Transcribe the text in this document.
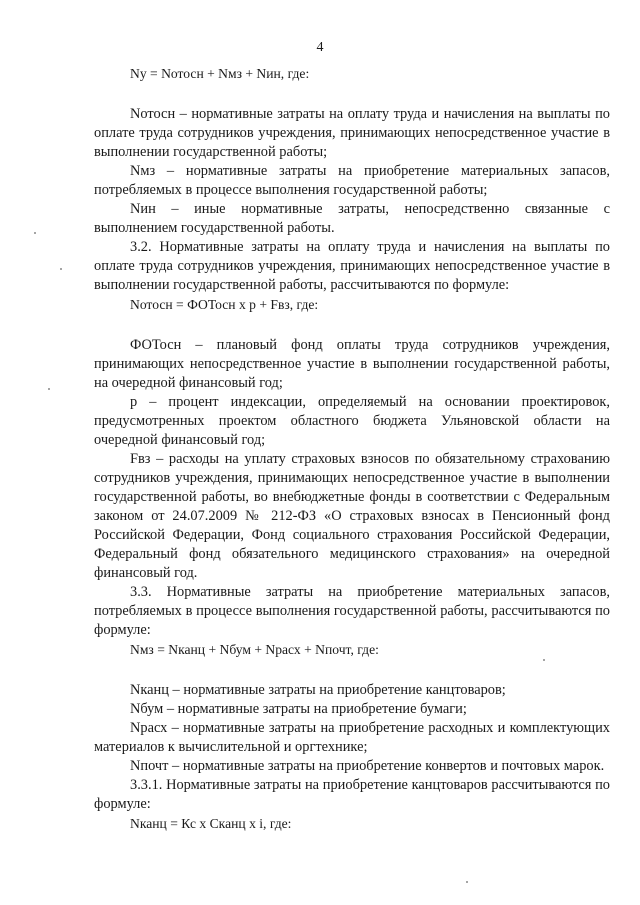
4

Nу = Nотосн + Nмз + Nин, где:

Nотосн – нормативные затраты на оплату труда и начисления на выплаты по оплате труда сотрудников учреждения, принимающих непосредственное участие в выполнении государственной работы;

Nмз – нормативные затраты на приобретение материальных запасов, потребляемых в процессе выполнения государственной работы;

Nин – иные нормативные затраты, непосредственно связанные с выполнением государственной работы.

3.2. Нормативные затраты на оплату труда и начисления на выплаты по оплате труда сотрудников учреждения, принимающих непосредственное участие в выполнении государственной работы, рассчитываются по формуле:

Nотосн = ФОТосн х р + Fвз, где:

ФОТосн – плановый фонд оплаты труда сотрудников учреждения, принимающих непосредственное участие в выполнении государственной работы, на очередной финансовый год;

р – процент индексации, определяемый на основании проектировок, предусмотренных проектом областного бюджета Ульяновской области на очередной финансовый год;

Fвз – расходы на уплату страховых взносов по обязательному страхованию сотрудников учреждения, принимающих непосредственное участие в выполнении государственной работы, во внебюджетные фонды в соответствии с Федеральным законом от 24.07.2009 № 212-ФЗ «О страховых взносах в Пенсионный фонд Российской Федерации, Фонд социального страхования Российской Федерации, Федеральный фонд обязательного медицинского страхования» на очередной финансовый год.

3.3. Нормативные затраты на приобретение материальных запасов, потребляемых в процессе выполнения государственной работы, рассчитываются по формуле:

Nмз = Nканц + Nбум + Nрасх + Nпочт, где:

Nканц – нормативные затраты на приобретение канцтоваров;

Nбум – нормативные затраты на приобретение бумаги;

Nрасх – нормативные затраты на приобретение расходных и комплектующих материалов к вычислительной и оргтехнике;

Nпочт – нормативные затраты на приобретение конвертов и почтовых марок.

3.3.1. Нормативные затраты на приобретение канцтоваров рассчитываются по формуле:

Nканц = Кс х Сканц х i, где:
